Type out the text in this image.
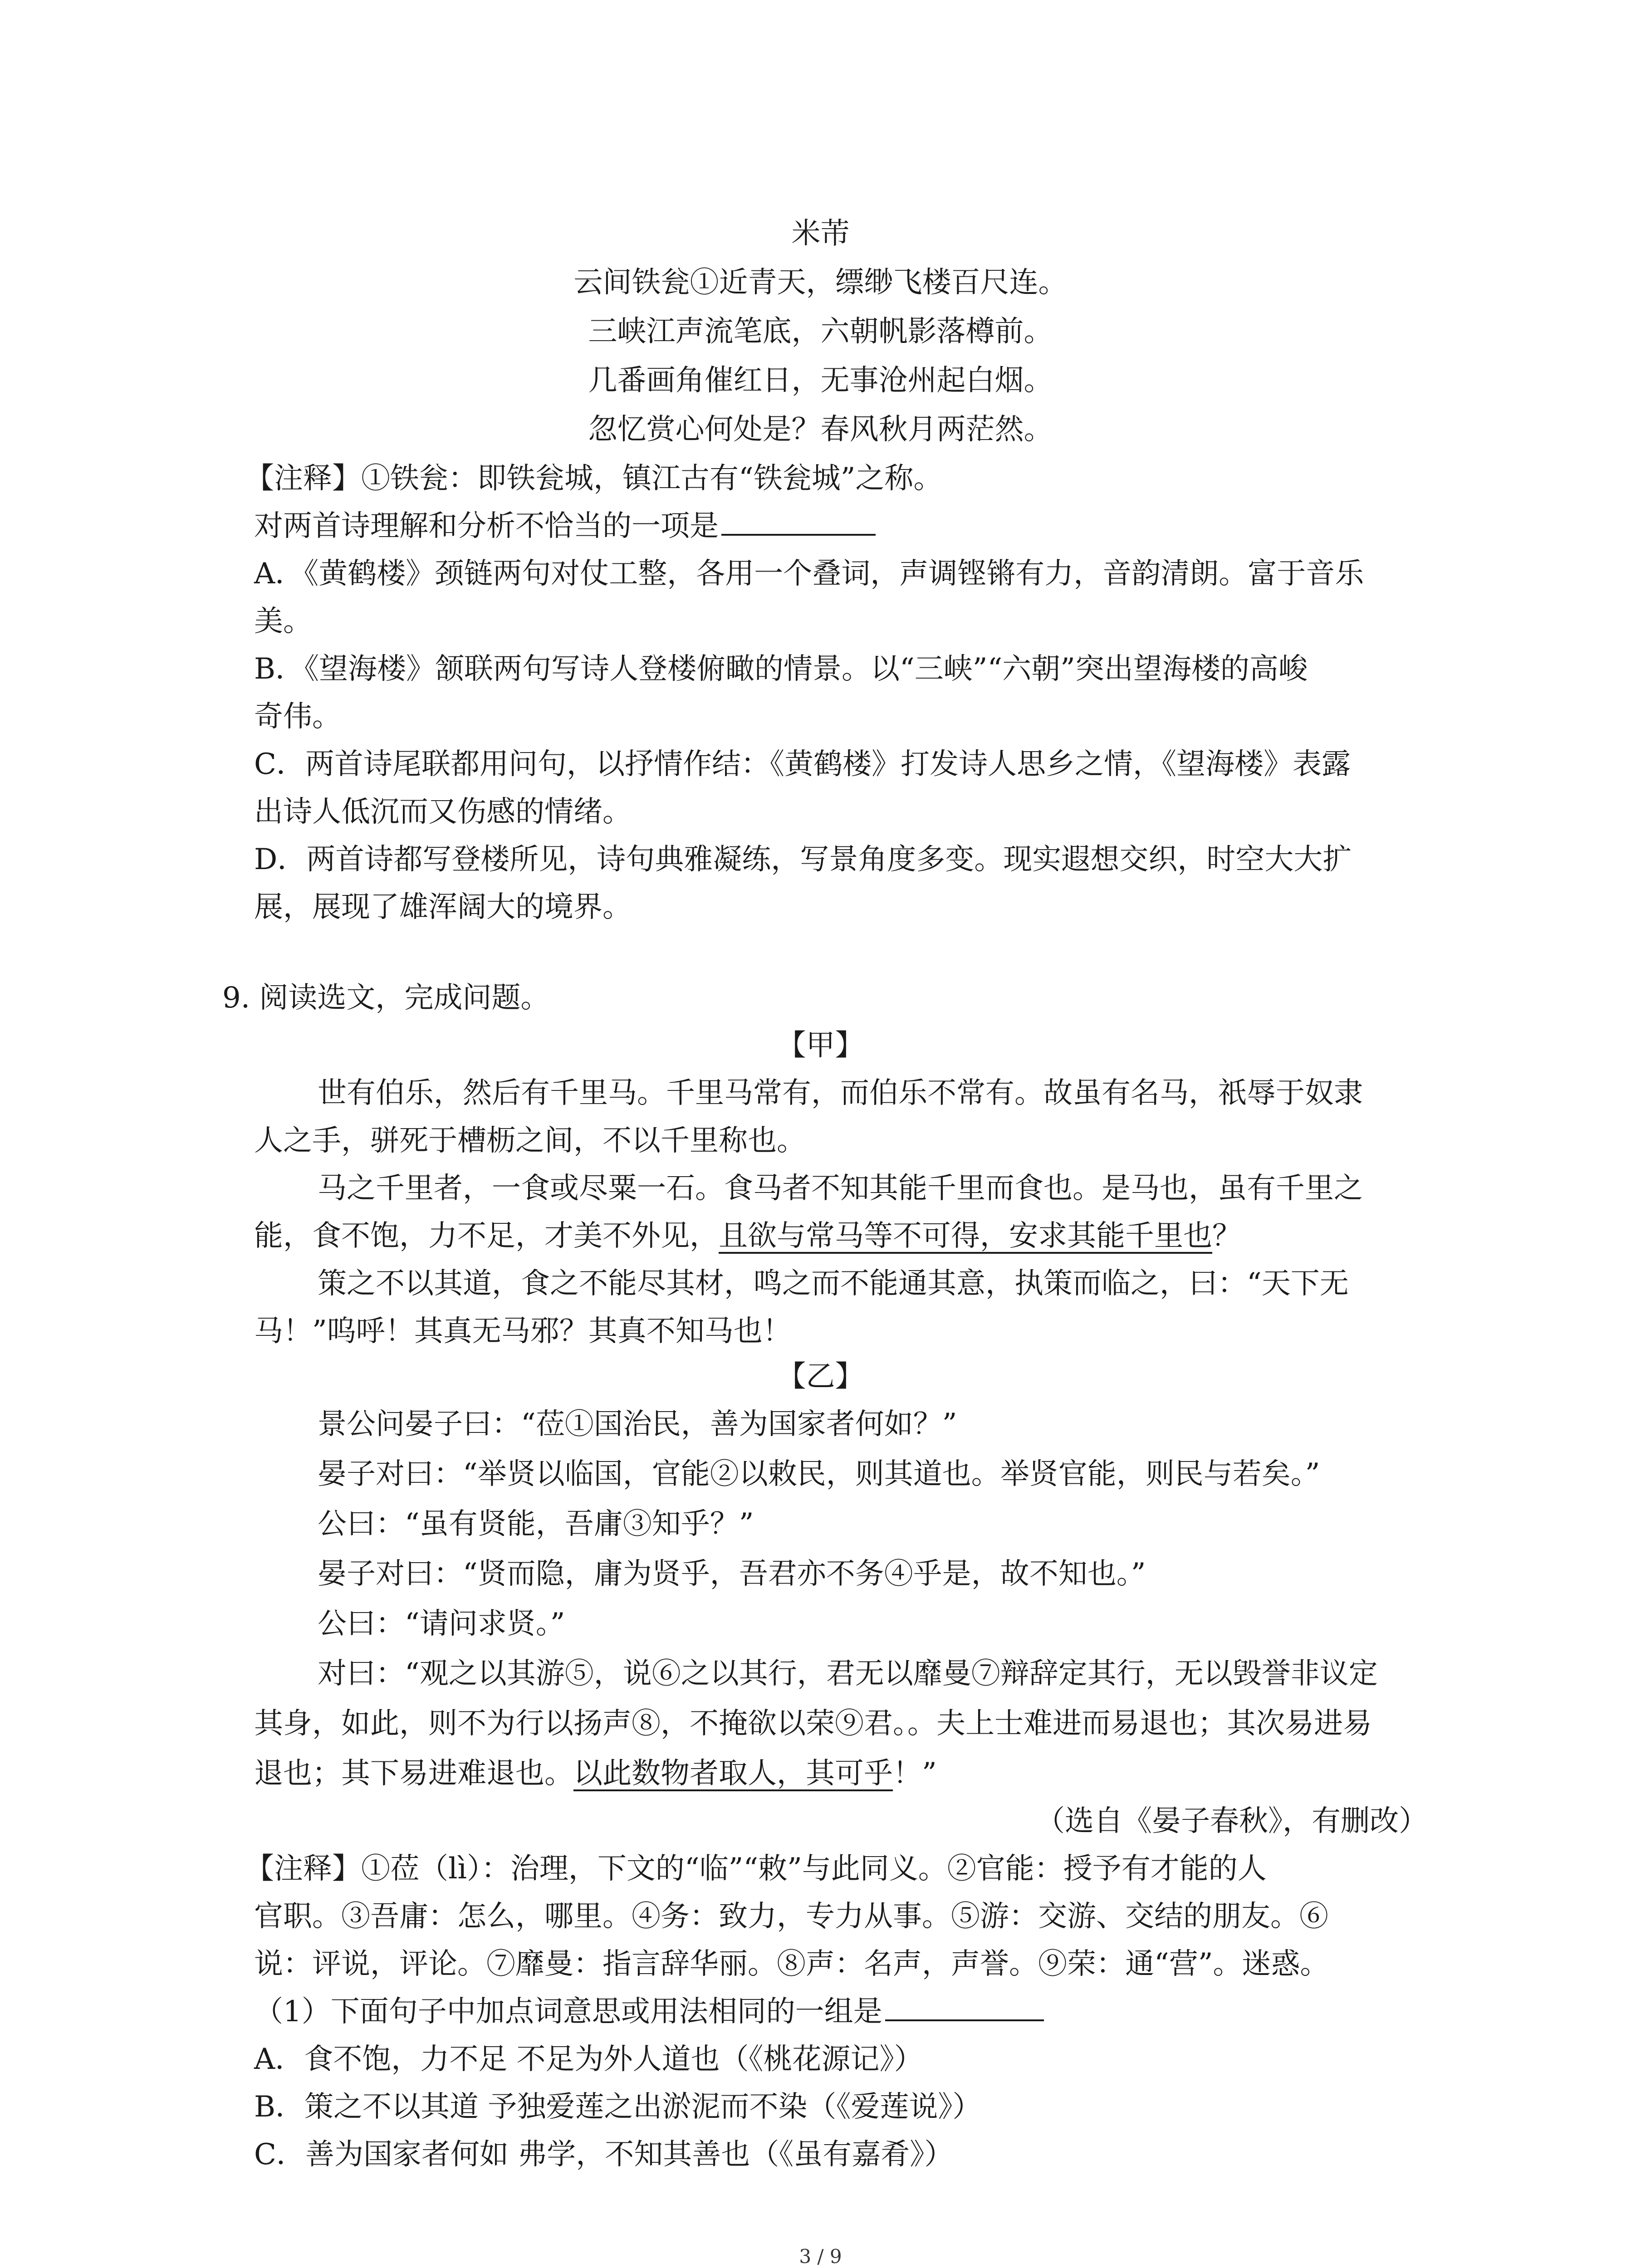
米芾
云间铁瓮①近青天，缥缈飞楼百尺连。
三峡江声流笔底，六朝帆影落樽前。
几番画角催红日，无事沧州起白烟。
忽忆赏心何处是？春风秋月两茫然。
【注释】①铁瓮：即铁瓮城，镇江古有“铁瓮城”之称。
对两首诗理解和分析不恰当的一项是
A．《黄鹤楼》颈链两句对仗工整，各用一个叠词，声调铿锵有力，音韵清朗。富于音乐
美。
B．《望海楼》颔联两句写诗人登楼俯瞰的情景。以“三峡”“六朝”突出望海楼的高峻
奇伟。
C．两首诗尾联都用问句，以抒情作结：《黄鹤楼》打发诗人思乡之情，《望海楼》表露
出诗人低沉而又伤感的情绪。
D．两首诗都写登楼所见，诗句典雅凝练，写景角度多变。现实遐想交织，时空大大扩
展，展现了雄浑阔大的境界。
9. 阅读选文，完成问题。
【甲】
世有伯乐，然后有千里马。千里马常有，而伯乐不常有。故虽有名马，祇辱于奴隶
人之手，骈死于槽枥之间，不以千里称也。
马之千里者，一食或尽粟一石。食马者不知其能千里而食也。是马也，虽有千里之
能，食不饱，力不足，才美不外见，且欲与常马等不可得，安求其能千里也？
策之不以其道，食之不能尽其材，鸣之而不能通其意，执策而临之，曰：“天下无
马！”呜呼！其真无马邪？其真不知马也！
【乙】
景公问晏子曰：“莅①国治民，善为国家者何如？”
晏子对曰：“举贤以临国，官能②以敕民，则其道也。举贤官能，则民与若矣。”
公曰：“虽有贤能，吾庸③知乎？”
晏子对曰：“贤而隐，庸为贤乎，吾君亦不务④乎是，故不知也。”
公曰：“请问求贤。”
对曰：“观之以其游⑤，说⑥之以其行，君无以靡曼⑦辩辞定其行，无以毁誉非议定
其身，如此，则不为行以扬声⑧，不掩欲以荣⑨君。。夫上士难进而易退也；其次易进易
退也；其下易进难退也。以此数物者取人，其可乎！”
（选自《晏子春秋》，有删改）
【注释】①莅（lì）：治理，下文的“临”“敕”与此同义。②官能：授予有才能的人
官职。③吾庸：怎么，哪里。④务：致力，专力从事。⑤游：交游、交结的朋友。⑥
说：评说，评论。⑦靡曼：指言辞华丽。⑧声：名声，声誉。⑨荣：通“营”。迷惑。
（1）下面句子中加点词意思或用法相同的一组是
A．食不饱，力不足 不足为外人道也（《桃花源记》）
B．策之不以其道 予独爱莲之出淤泥而不染（《爱莲说》）
C．善为国家者何如 弗学，不知其善也（《虽有嘉肴》）
3 / 9
